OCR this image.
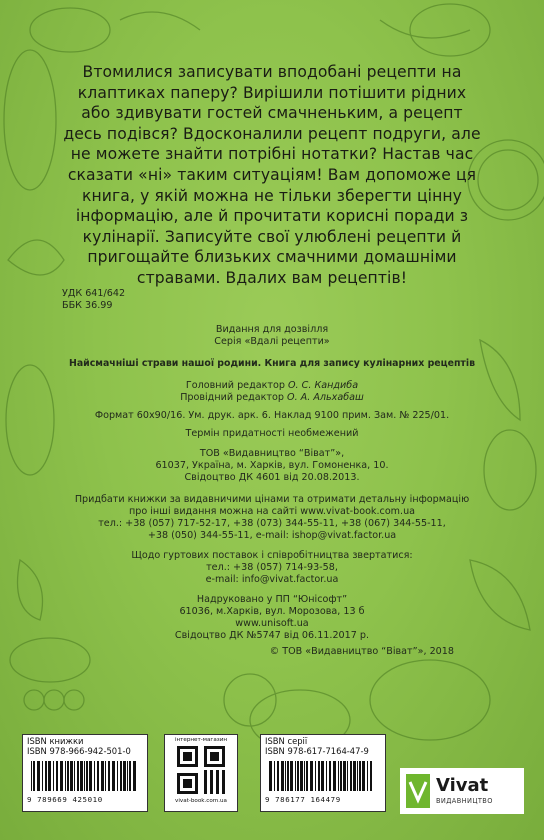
Втомилися записувати вподобані рецепти на клаптиках паперу? Вирішили потішити рідних або здивувати гостей смачненьким, а рецепт десь подівся? Вдосконалили рецепт подруги, але не можете знайти потрібні нотатки? Настав час сказати «ні» таким ситуаціям! Вам допоможе ця книга, у якій можна не тільки зберегти цінну інформацію, але й прочитати корисні поради з кулінарії. Записуйте свої улюблені рецепти й пригощайте близьких смачними домашніми стравами. Вдалих вам рецептів!
УДК 641/642
ББК 36.99
Видання для дозвілля
Серія «Вдалі рецепти»
Найсмачніші страви нашої родини. Книга для запису кулінарних рецептів
Головний редактор О. С. Кандиба
Провідний редактор О. А. Альхабаш
Формат 60x90/16. Ум. друк. арк. 6. Наклад 9100 прим. Зам. № 225/01.
Термін придатності необмежений
ТОВ «Видавництво “Віват”»,
61037, Україна, м. Харків, вул. Гомоненка, 10.
Свідоцтво ДК 4601 від 20.08.2013.
Придбати книжки за видавничими цінами та отримати детальну інформацію
про інші видання можна на сайті www.vivat-book.com.ua
тел.: +38 (057) 717-52-17, +38 (073) 344-55-11, +38 (067) 344-55-11,
+38 (050) 344-55-11, e-mail: ishop@vivat.factor.ua
Щодо гуртових поставок і співробітництва звертатися:
тел.: +38 (057) 714-93-58,
e-mail: info@vivat.factor.ua
Надруковано у ПП “Юнісофт”
61036, м.Харків, вул. Морозова, 13 б
www.unisoft.ua
Свідоцтво ДК №5747 від 06.11.2017 р.
© ТОВ «Видавництво “Віват”», 2018
ISBN книжки
ISBN 978-966-942-501-0
9 789669 425010
інтернет-магазин
vivat-book.com.ua
ISBN серії
ISBN 978-617-7164-47-9
9 786177 164479
Vivat
ВИДАВНИЦТВО
